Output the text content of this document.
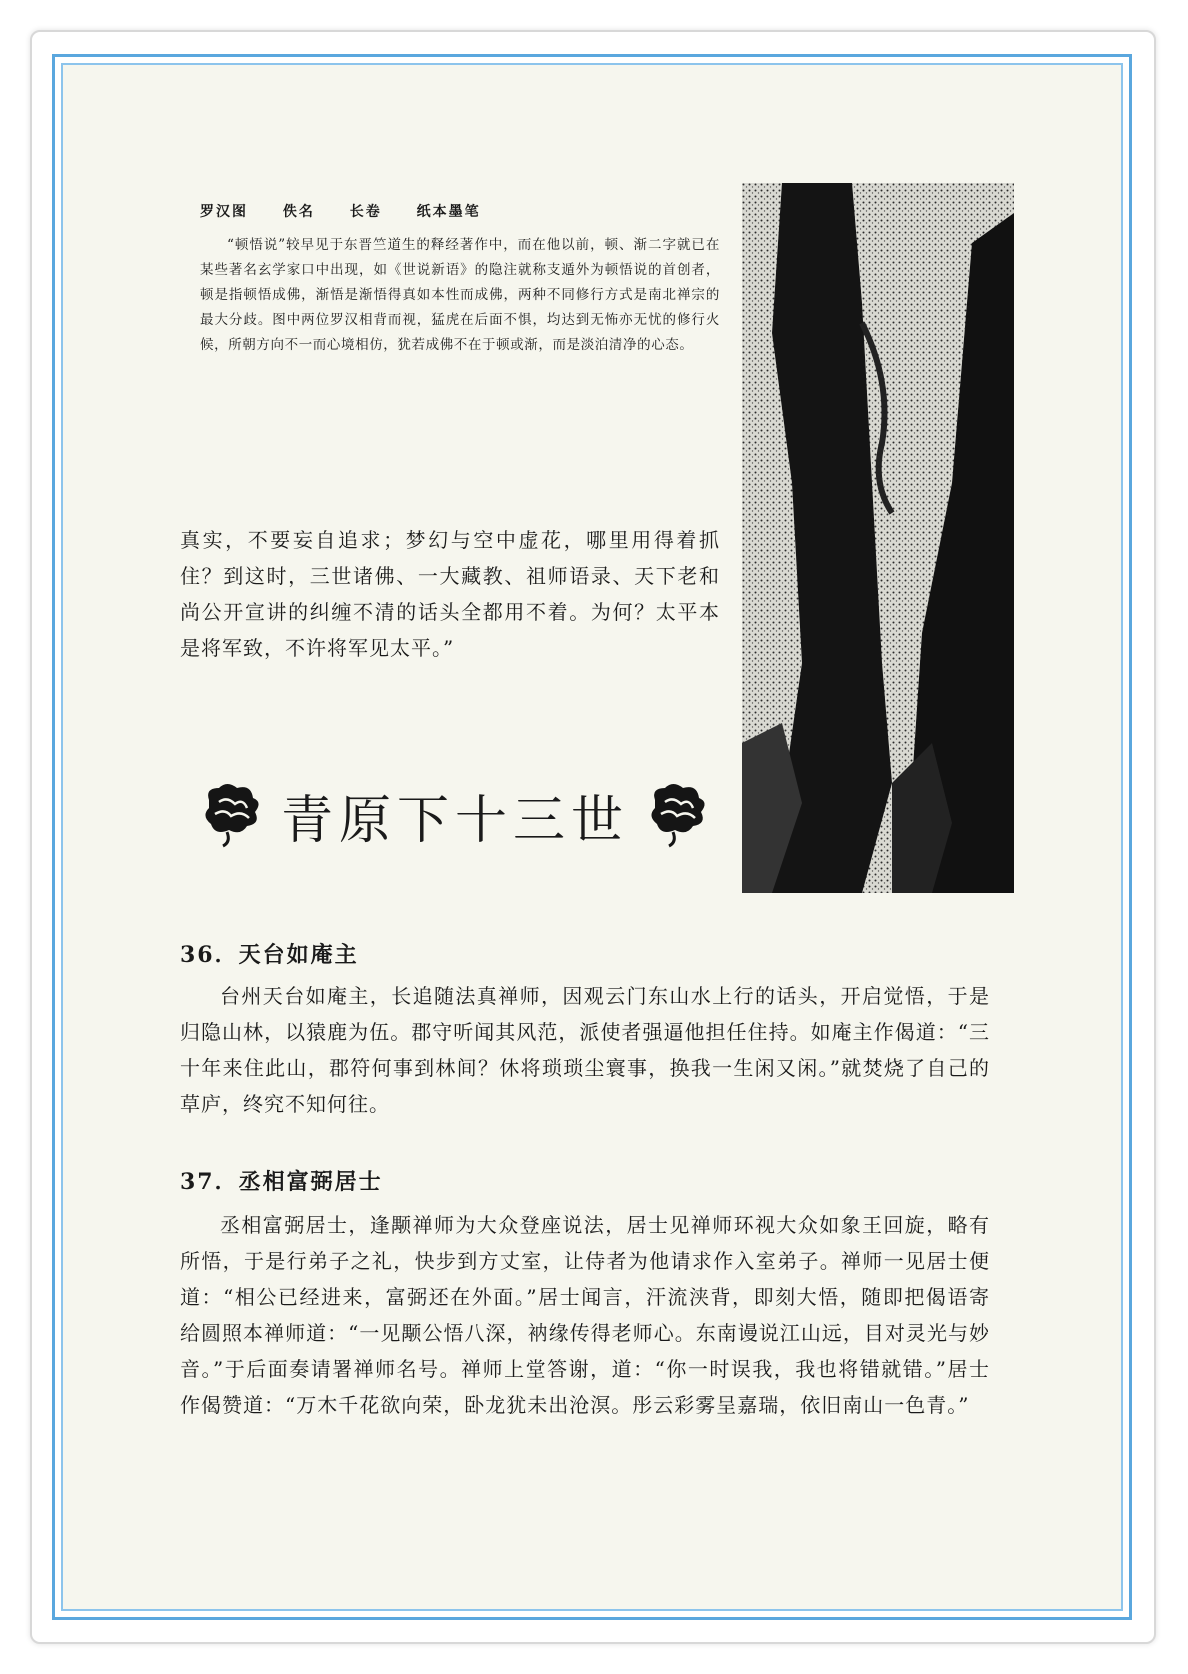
罗汉图 佚名 长卷 纸本墨笔

“顿悟说”较早见于东晋竺道生的释经著作中，而在他以前，顿、渐二字就已在某些著名玄学家口中出现，如《世说新语》的隐注就称支遁外为顿悟说的首创者，顿是指顿悟成佛，渐悟是渐悟得真如本性而成佛，两种不同修行方式是南北禅宗的最大分歧。图中两位罗汉相背而视，猛虎在后面不惧，均达到无怖亦无忧的修行火候，所朝方向不一而心境相仿，犹若成佛不在于顿或渐，而是淡泊清净的心态。

真实，不要妄自追求；梦幻与空中虚花，哪里用得着抓住？到这时，三世诸佛、一大藏教、祖师语录、天下老和尚公开宣讲的纠缠不清的话头全都用不着。为何？太平本是将军致，不许将军见太平。”
青原下十三世
36．天台如庵主

台州天台如庵主，长追随法真禅师，因观云门东山水上行的话头，开启觉悟，于是归隐山林，以猿鹿为伍。郡守听闻其风范，派使者强逼他担任住持。如庵主作偈道：“三十年来住此山，郡符何事到林间？休将琐琐尘寰事，换我一生闲又闲。”就焚烧了自己的草庐，终究不知何往。

37．丞相富弼居士

丞相富弼居士，逢颙禅师为大众登座说法，居士见禅师环视大众如象王回旋，略有所悟，于是行弟子之礼，快步到方丈室，让侍者为他请求作入室弟子。禅师一见居士便道：“相公已经进来，富弼还在外面。”居士闻言，汗流浃背，即刻大悟，随即把偈语寄给圆照本禅师道：“一见颙公悟八深，衲缘传得老师心。东南谩说江山远，目对灵光与妙音。”于后面奏请署禅师名号。禅师上堂答谢，道：“你一时误我，我也将错就错。”居士作偈赞道：“万木千花欲向荣，卧龙犹未出沧溟。彤云彩雾呈嘉瑞，依旧南山一色青。”
